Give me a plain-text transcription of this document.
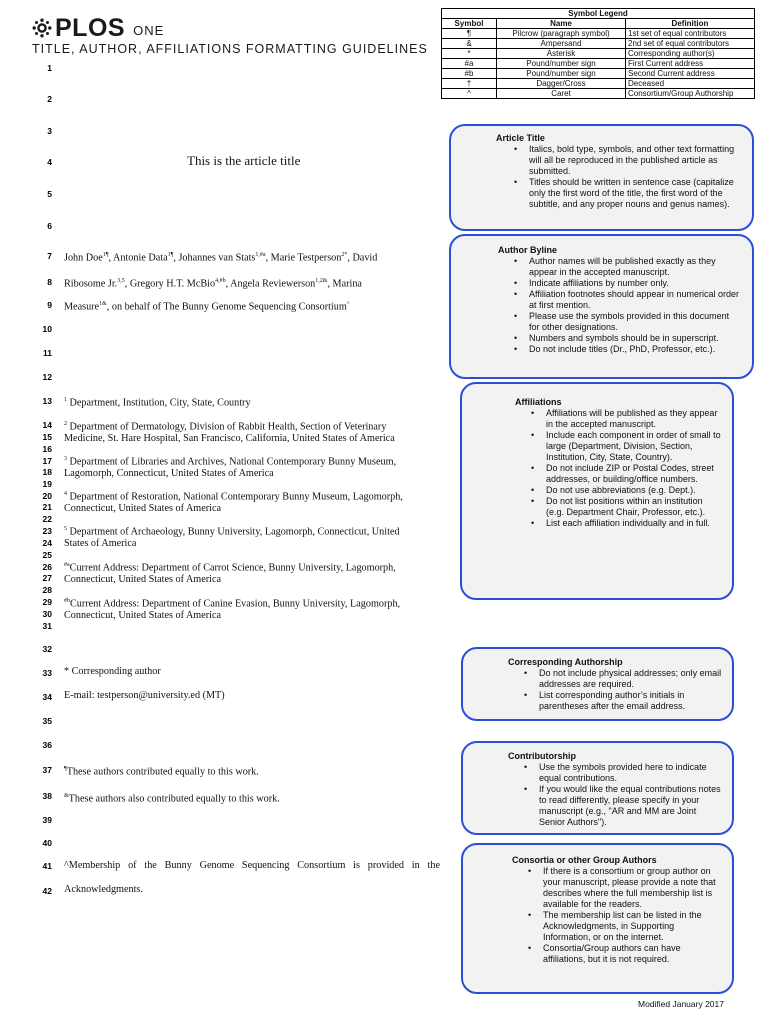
PLOS ONE
TITLE, AUTHOR, AFFILIATIONS FORMATTING GUIDELINES
Symbol Legend		
Symbol	Name	Definition
¶	Pilcrow (paragraph symbol)	1st set of equal contributors
&	Ampersand	2nd set of equal contributors
*	Asterisk	Corresponding author(s)
#a	Pound/number sign	First Current address
#b	Pound/number sign	Second Current address
†	Dagger/Cross	Deceased
^	Caret	Consortium/Group Authorship
1
2
3
4
5
6
7
8
9
10
11
12
13
14
15
16
17
18
19
20
21
22
23
24
25
26
27
28
29
30
31
32
33
34
35
36
37
38
39
40
41
42
This is the article title
John Doe$^{1\P}$, Antonie Data$^{1\P}$, Johannes van Stats$^{1,\#a}$, Marie Testperson$^{2*}$, David
Ribosome Jr.$^{3,5}$, Gregory H.T. McBio$^{4,\#b}$, Angela Reviewerson$^{1,2\&}$, Marina
Measure$^{1\&}$, on behalf of The Bunny Genome Sequencing Consortium^
$^1$ Department, Institution, City, State, Country
$^2$ Department of Dermatology, Division of Rabbit Health, Section of Veterinary
Medicine, St. Hare Hospital, San Francisco, California, United States of America
$^3$ Department of Libraries and Archives, National Contemporary Bunny Museum,
Lagomorph, Connecticut, United States of America
$^4$ Department of Restoration, National Contemporary Bunny Museum, Lagomorph,
Connecticut, United States of America
$^5$ Department of Archaeology, Bunny University, Lagomorph, Connecticut, United
States of America
$^{\#a}$Current Address: Department of Carrot Science, Bunny University, Lagomorph,
Connecticut, United States of America
$^{\#b}$Current Address: Department of Canine Evasion, Bunny University, Lagomorph,
Connecticut, United States of America
* Corresponding author
E-mail: testperson@university.ed (MT)
¶These authors contributed equally to this work.
&These authors also contributed equally to this work.
^Membership of the Bunny Genome Sequencing Consortium is provided in the
Acknowledgments.
Article Title
• Italics, bold type, symbols, and other text formatting will all be reproduced in the published article as submitted.
• Titles should be written in sentence case (capitalize only the first word of the title, the first word of the subtitle, and any proper nouns and genus names).
Author Byline
• Author names will be published exactly as they appear in the accepted manuscript.
• Indicate affiliations by number only.
• Affiliation footnotes should appear in numerical order at first mention.
• Please use the symbols provided in this document for other designations.
• Numbers and symbols should be in superscript.
• Do not include titles (Dr., PhD, Professor, etc.).
Affiliations
• Affiliations will be published as they appear in the accepted manuscript.
• Include each component in order of small to large (Department, Division, Section, Institution, City, State, Country).
• Do not include ZIP or Postal Codes, street addresses, or building/office numbers.
• Do not use abbreviations (e.g. Dept.).
• Do not list positions within an institution (e.g. Department Chair, Professor, etc.).
• List each affiliation individually and in full.
Corresponding Authorship
• Do not include physical addresses; only email addresses are required.
• List corresponding author’s initials in parentheses after the email address.
Contributorship
• Use the symbols provided here to indicate equal contributions.
• If you would like the equal contributions notes to read differently, please specify in your manuscript (e.g., "AR and MM are Joint Senior Authors").
Consortia or other Group Authors
• If there is a consortium or group author on your manuscript, please provide a note that describes where the full membership list is available for the readers.
• The membership list can be listed in the Acknowledgments, in Supporting Information, or on the internet.
• Consortia/Group authors can have affiliations, but it is not required.
Modified January 2017
